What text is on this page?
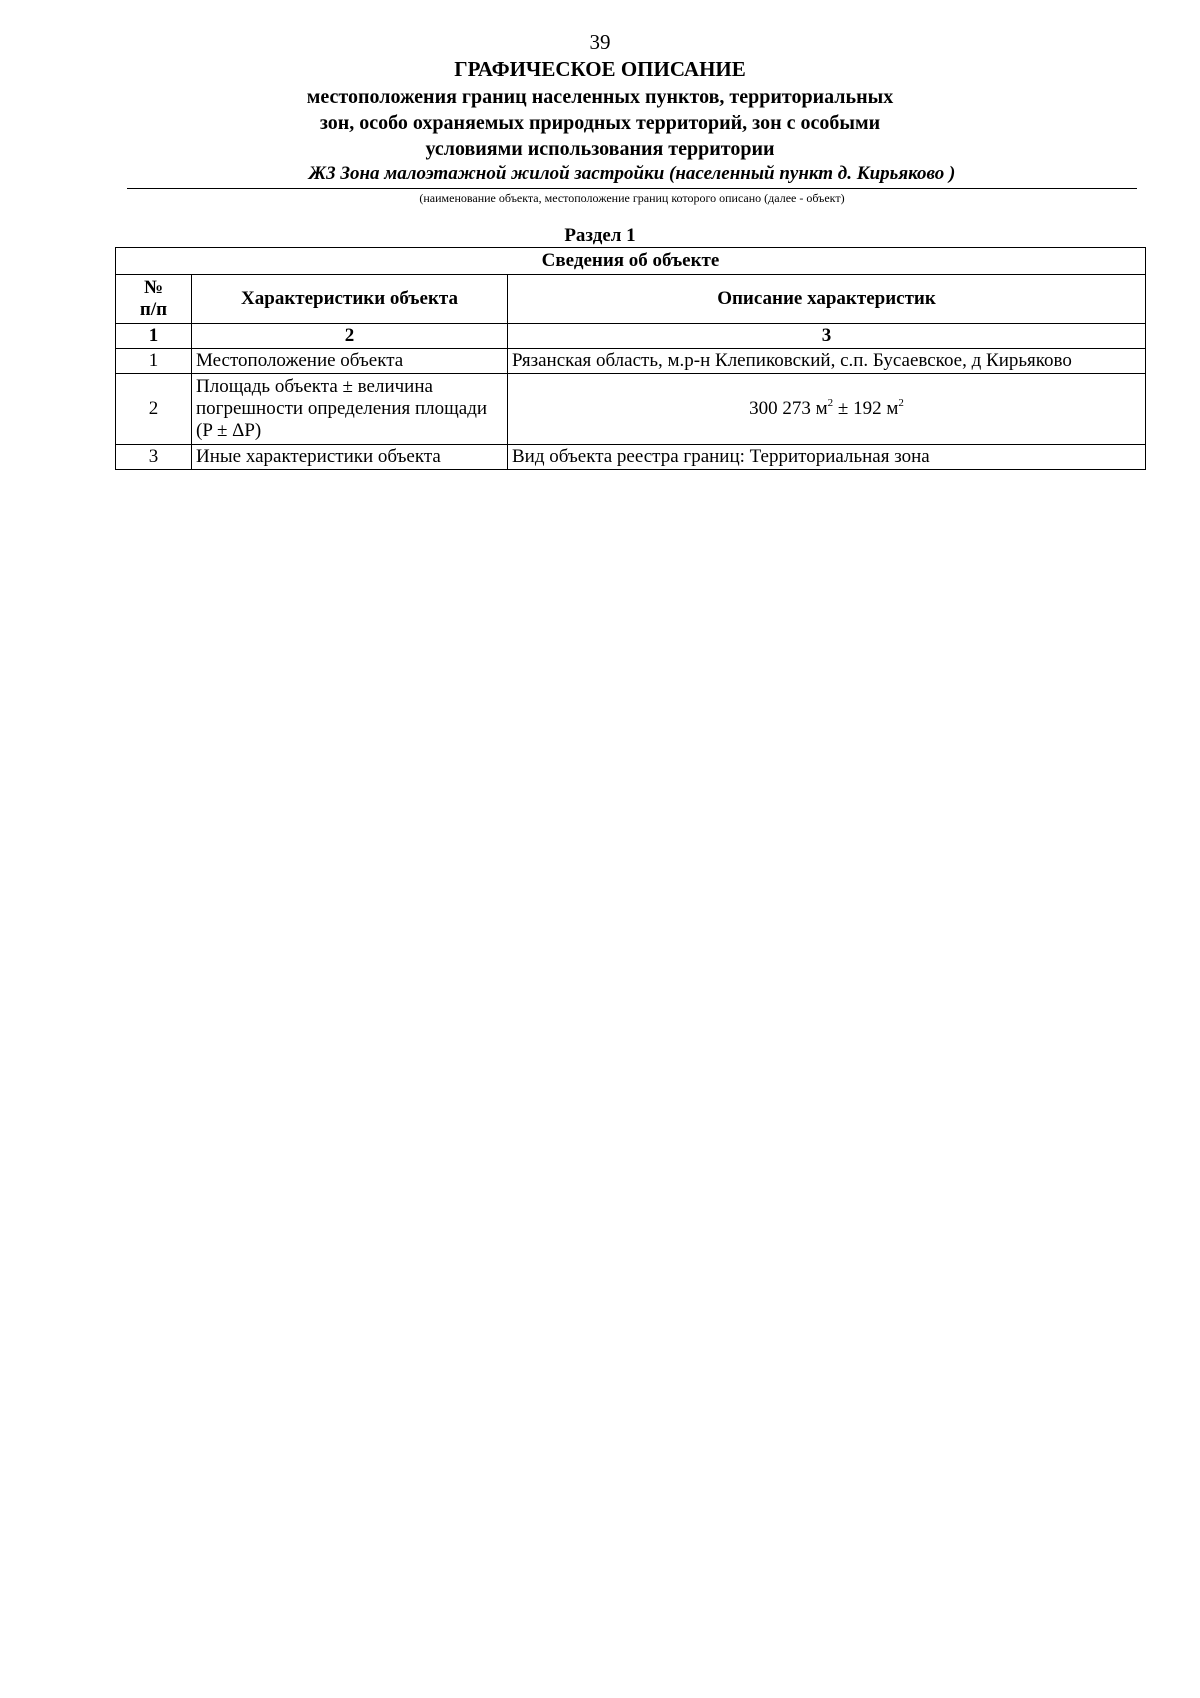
39
ГРАФИЧЕСКОЕ ОПИСАНИЕ
местоположения границ населенных пунктов, территориальных
зон, особо охраняемых природных территорий, зон с особыми
условиями использования территории
Ж3 Зона малоэтажной жилой застройки (населенный пункт д. Кирьяково )
(наименование объекта, местоположение границ которого описано (далее - объект)
Раздел 1
Сведения об объекте		

№
п/п	Характеристики объекта	Описание характеристик
1	2	3
1	Местоположение объекта	Рязанская область, м.р-н Клепиковский, с.п. Бусаевское, д Кирьяково
2	Площадь объекта ± величина
погрешности определения площади
(P ± ΔP)	300 273 $м^2 \pm 192$ $м^2$
3	Иные характеристики объекта	Вид объекта реестра границ: Территориальная зона
